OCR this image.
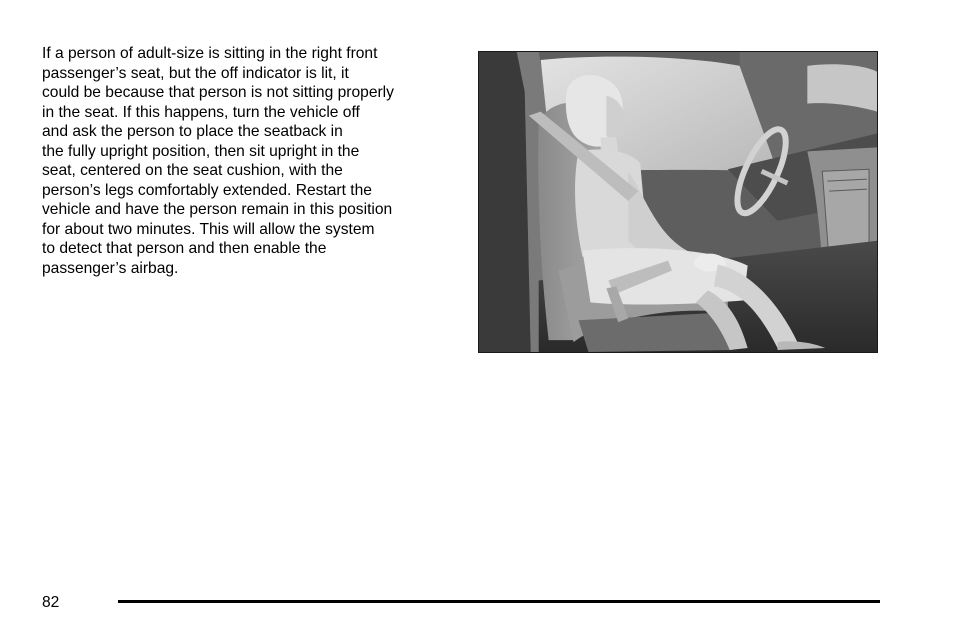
If a person of adult-size is sitting in the right front
passenger’s seat, but the off indicator is lit, it
could be because that person is not sitting properly
in the seat. If this happens, turn the vehicle off
and ask the person to place the seatback in
the fully upright position, then sit upright in the
seat, centered on the seat cushion, with the
person’s legs comfortably extended. Restart the
vehicle and have the person remain in this position
for about two minutes. This will allow the system
to detect that person and then enable the
passenger’s airbag.
82
